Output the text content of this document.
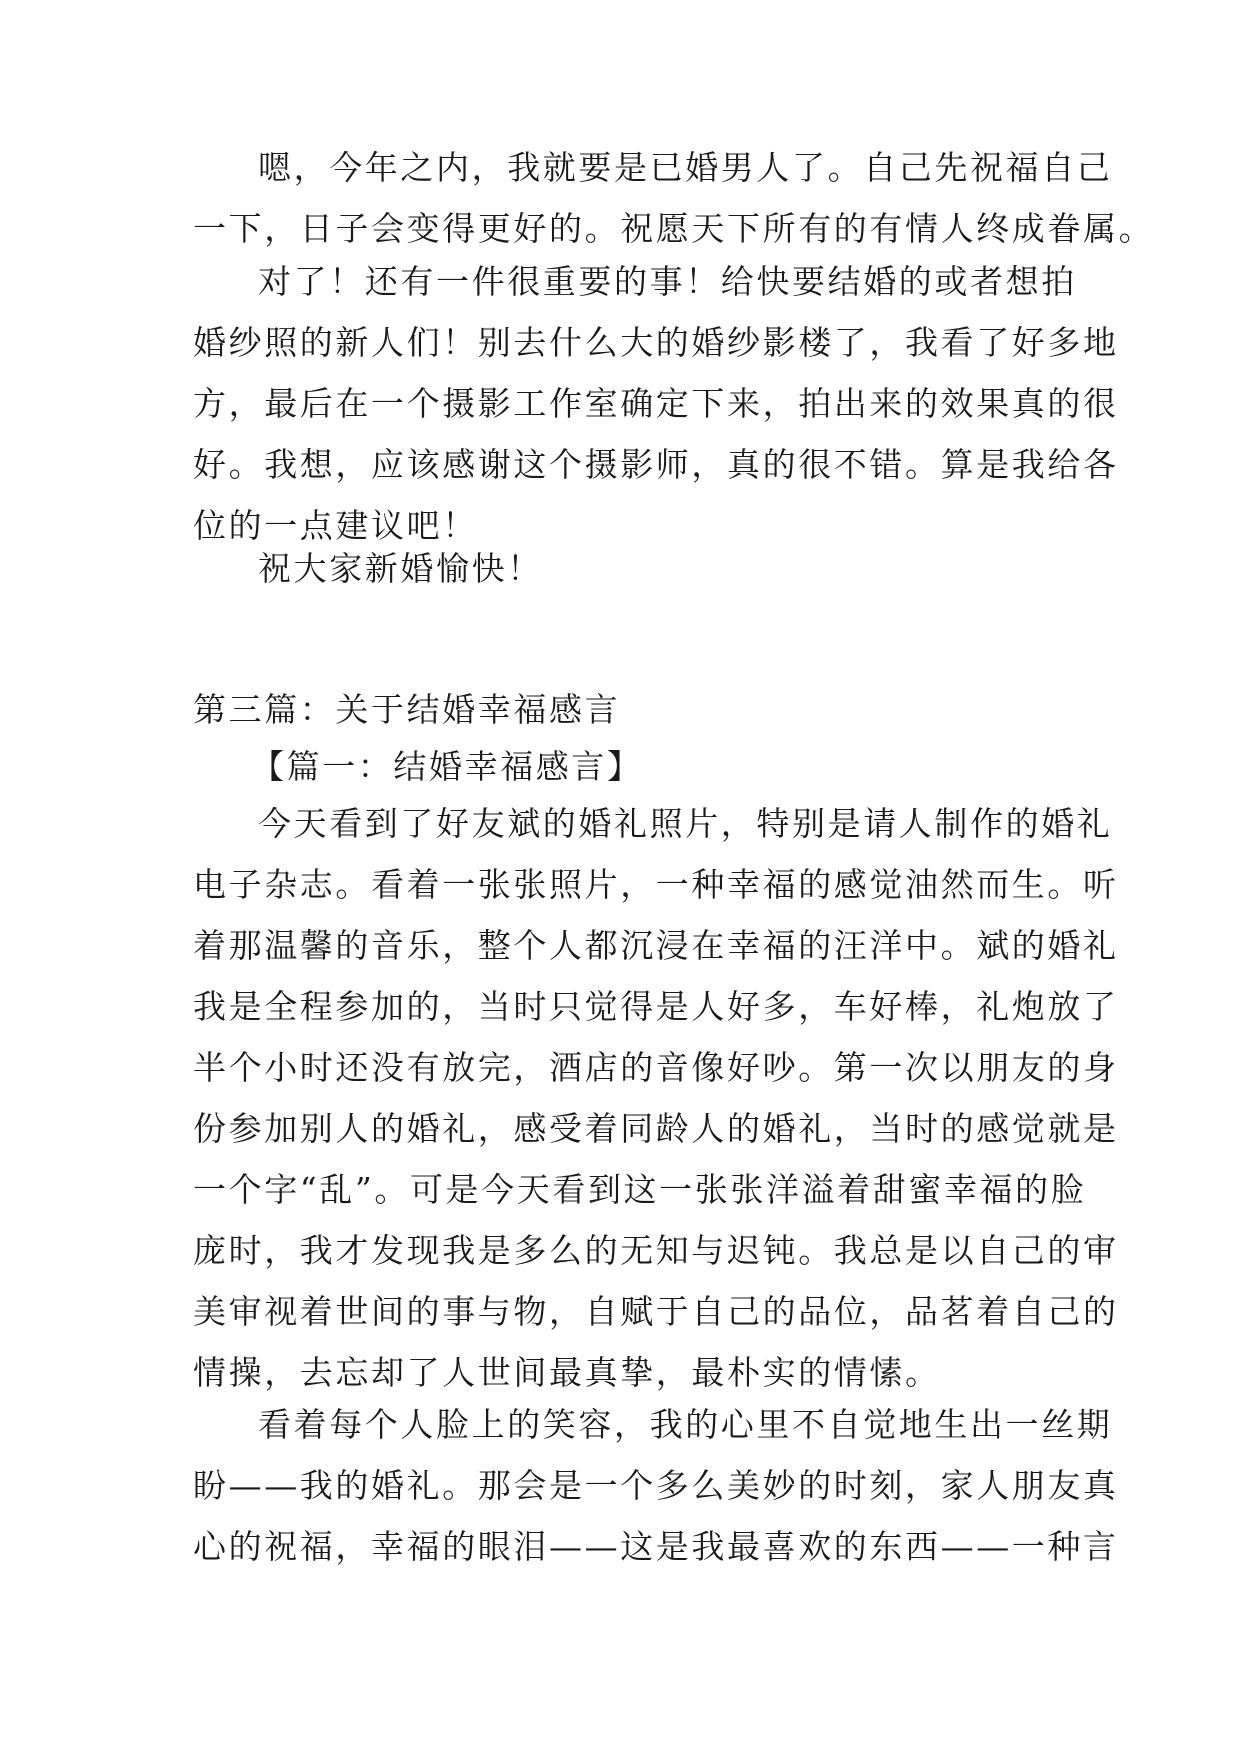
嗯，今年之内，我就要是已婚男人了。自己先祝福自己
一下，日子会变得更好的。祝愿天下所有的有情人终成眷属。
对了！还有一件很重要的事！给快要结婚的或者想拍
婚纱照的新人们！别去什么大的婚纱影楼了，我看了好多地
方，最后在一个摄影工作室确定下来，拍出来的效果真的很
好。我想，应该感谢这个摄影师，真的很不错。算是我给各
位的一点建议吧！
祝大家新婚愉快！
第三篇：关于结婚幸福感言
【篇一：结婚幸福感言】
今天看到了好友斌的婚礼照片，特别是请人制作的婚礼
电子杂志。看着一张张照片，一种幸福的感觉油然而生。听
着那温馨的音乐，整个人都沉浸在幸福的汪洋中。斌的婚礼
我是全程参加的，当时只觉得是人好多，车好棒，礼炮放了
半个小时还没有放完，酒店的音像好吵。第一次以朋友的身
份参加别人的婚礼，感受着同龄人的婚礼，当时的感觉就是
一个字“乱”。可是今天看到这一张张洋溢着甜蜜幸福的脸
庞时，我才发现我是多么的无知与迟钝。我总是以自己的审
美审视着世间的事与物，自赋于自己的品位，品茗着自己的
情操，去忘却了人世间最真挚，最朴实的情愫。
看着每个人脸上的笑容，我的心里不自觉地生出一丝期
盼——我的婚礼。那会是一个多么美妙的时刻，家人朋友真
心的祝福，幸福的眼泪——这是我最喜欢的东西——一种言
